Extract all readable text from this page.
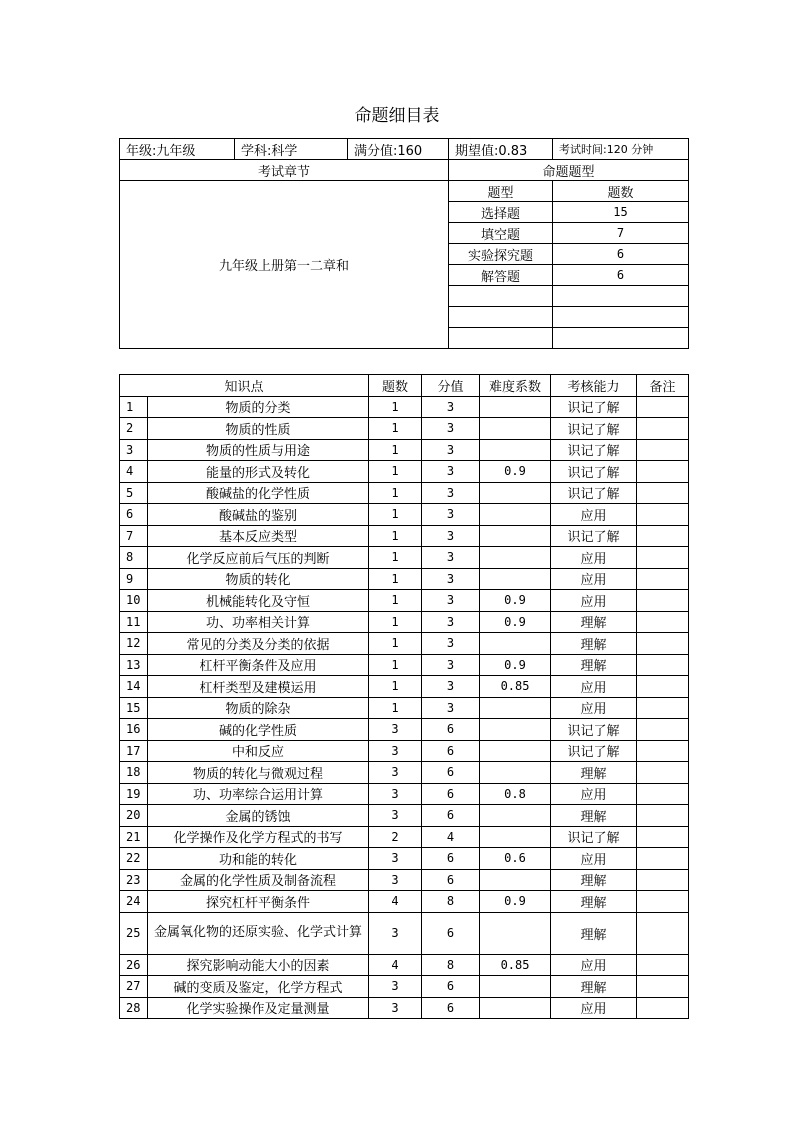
命题细目表
年级:九年级	学科:科学	满分值:160	期望值:0.83	考试时间:120 分钟
考试章节			命题题型	
九年级上册第一二章和			题型	题数
			选择题	15
			填空题	7
			实验探究题	6
			解答题	6

知识点		题数	分值	难度系数	考核能力	备注
1	物质的分类	1	3		识记了解	
2	物质的性质	1	3		识记了解	
3	物质的性质与用途	1	3		识记了解	
4	能量的形式及转化	1	3	0.9	识记了解	
5	酸碱盐的化学性质	1	3		识记了解	
6	酸碱盐的鉴别	1	3		应用	
7	基本反应类型	1	3		识记了解	
8	化学反应前后气压的判断	1	3		应用	
9	物质的转化	1	3		应用	
10	机械能转化及守恒	1	3	0.9	应用	
11	功、功率相关计算	1	3	0.9	理解	
12	常见的分类及分类的依据	1	3		理解	
13	杠杆平衡条件及应用	1	3	0.9	理解	
14	杠杆类型及建模运用	1	3	0.85	应用	
15	物质的除杂	1	3		应用	
16	碱的化学性质	3	6		识记了解	
17	中和反应	3	6		识记了解	
18	物质的转化与微观过程	3	6		理解	
19	功、功率综合运用计算	3	6	0.8	应用	
20	金属的锈蚀	3	6		理解	
21	化学操作及化学方程式的书写	2	4		识记了解	
22	功和能的转化	3	6	0.6	应用	
23	金属的化学性质及制备流程	3	6		理解	
24	探究杠杆平衡条件	4	8	0.9	理解	
25	金属氧化物的还原实验、化学式计算	3	6		理解	
26	探究影响动能大小的因素	4	8	0.85	应用	
27	碱的变质及鉴定，化学方程式	3	6		理解	
28	化学实验操作及定量测量	3	6		应用	
